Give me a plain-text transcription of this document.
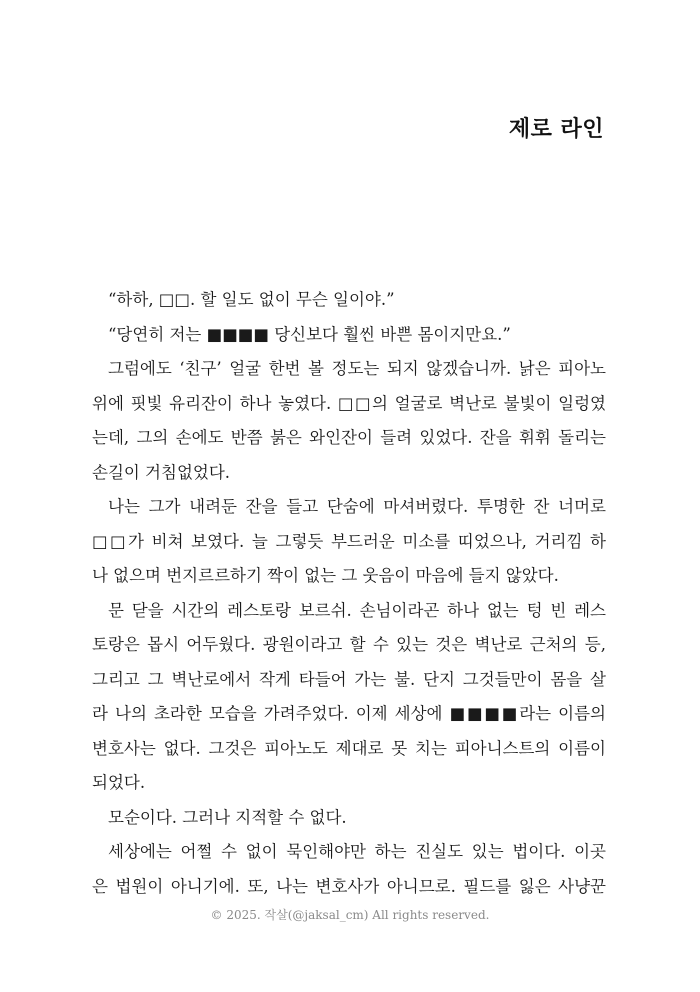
제로 라인
“하하, □□. 할 일도 없이 무슨 일이야.”
“당연히 저는 ■■■■ 당신보다 훨씬 바쁜 몸이지만요.”
그럼에도 ‘친구’ 얼굴 한번 볼 정도는 되지 않겠습니까. 낡은 피아노
위에 핏빛 유리잔이 하나 놓였다. □□의 얼굴로 벽난로 불빛이 일렁였
는데, 그의 손에도 반쯤 붉은 와인잔이 들려 있었다. 잔을 휘휘 돌리는
손길이 거침없었다.
나는 그가 내려둔 잔을 들고 단숨에 마셔버렸다. 투명한 잔 너머로
□□가 비쳐 보였다. 늘 그렇듯 부드러운 미소를 띠었으나, 거리낌 하
나 없으며 번지르르하기 짝이 없는 그 웃음이 마음에 들지 않았다.
문 닫을 시간의 레스토랑 보르쉬. 손님이라곤 하나 없는 텅 빈 레스
토랑은 몹시 어두웠다. 광원이라고 할 수 있는 것은 벽난로 근처의 등,
그리고 그 벽난로에서 작게 타들어 가는 불. 단지 그것들만이 몸을 살
라 나의 초라한 모습을 가려주었다. 이제 세상에 ■■■■라는 이름의
변호사는 없다. 그것은 피아노도 제대로 못 치는 피아니스트의 이름이
되었다.
모순이다. 그러나 지적할 수 없다.
세상에는 어쩔 수 없이 묵인해야만 하는 진실도 있는 법이다. 이곳
은 법원이 아니기에. 또, 나는 변호사가 아니므로. 필드를 잃은 사냥꾼
© 2025. 작살(@jaksal_cm) All rights reserved.
